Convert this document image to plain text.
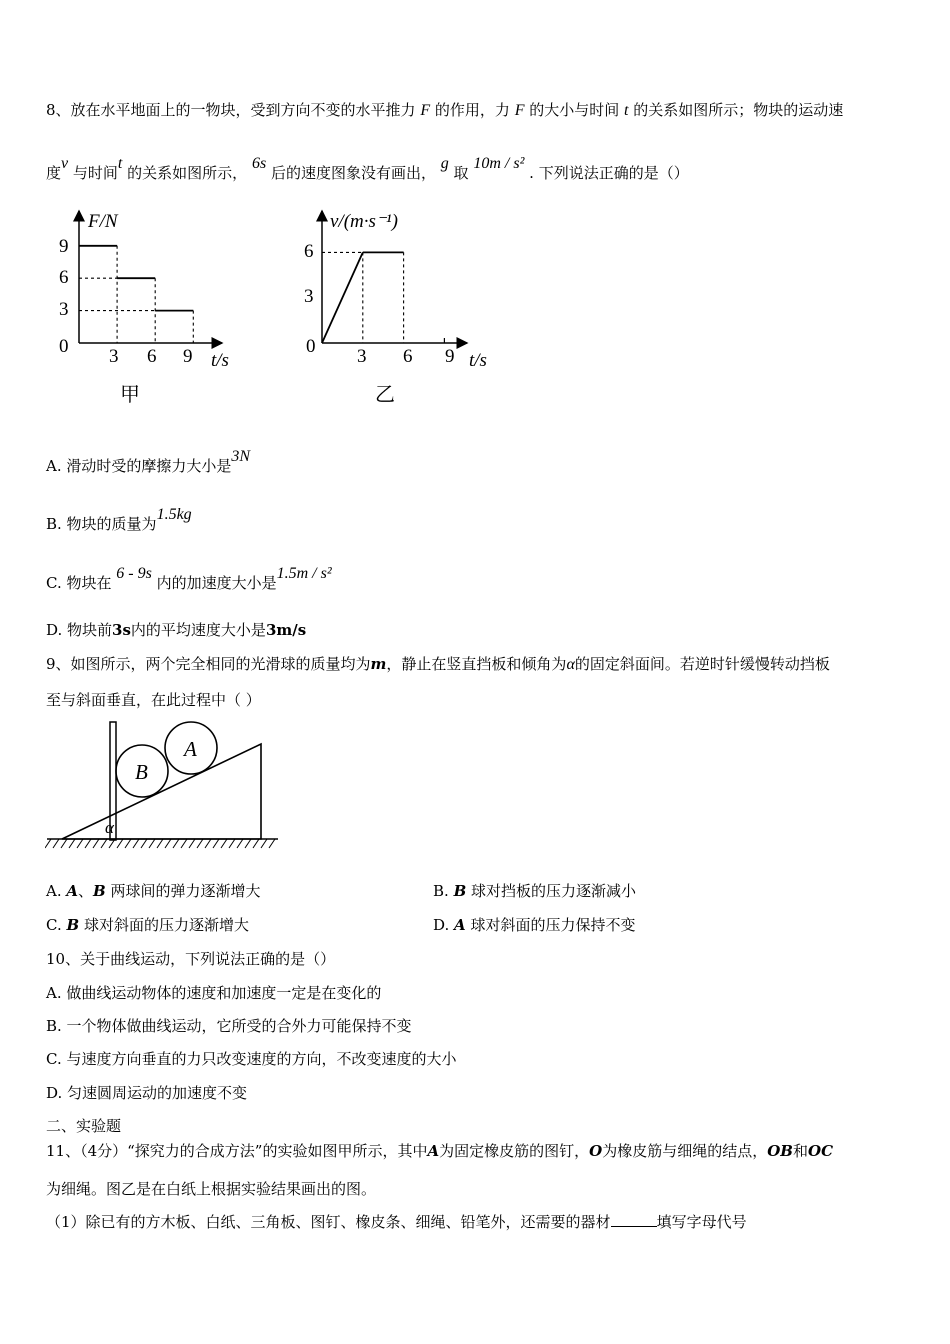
8、放在水平地面上的一物块，受到方向不变的水平推力 F 的作用，力 F 的大小与时间 t 的关系如图所示；物块的运动速
度v 与时间t 的关系如图所示， 6s 后的速度图象没有画出， g 取 10m / s² . 下列说法正确的是（）
F/N
0
9
6
3
3 6 9 t/s
甲
v/(m·s⁻¹)
0
6
3
3 6 9 t/s
乙
A. 滑动时受的摩擦力大小是3N
B. 物块的质量为1.5kg
C. 物块在 6 - 9s 内的加速度大小是1.5m / s²
D. 物块前3s内的平均速度大小是3m/s
9、如图所示，两个完全相同的光滑球的质量均为m，静止在竖直挡板和倾角为α的固定斜面间。若逆时针缓慢转动挡板
至与斜面垂直，在此过程中（ ）
B
A
α
A. A、B 两球间的弹力逐渐增大	B. B 球对挡板的压力逐渐减小
C. B 球对斜面的压力逐渐增大	D. A 球对斜面的压力保持不变
10、关于曲线运动，下列说法正确的是（）
A. 做曲线运动物体的速度和加速度一定是在变化的
B. 一个物体做曲线运动，它所受的合外力可能保持不变
C. 与速度方向垂直的力只改变速度的方向，不改变速度的大小
D. 匀速圆周运动的加速度不变
二、实验题
11、（4分）“探究力的合成方法”的实验如图甲所示，其中A为固定橡皮筋的图钉，O为橡皮筋与细绳的结点，OB和OC
为细绳。图乙是在白纸上根据实验结果画出的图。
（1）除已有的方木板、白纸、三角板、图钉、橡皮条、细绳、铅笔外，还需要的器材	填写字母代号
